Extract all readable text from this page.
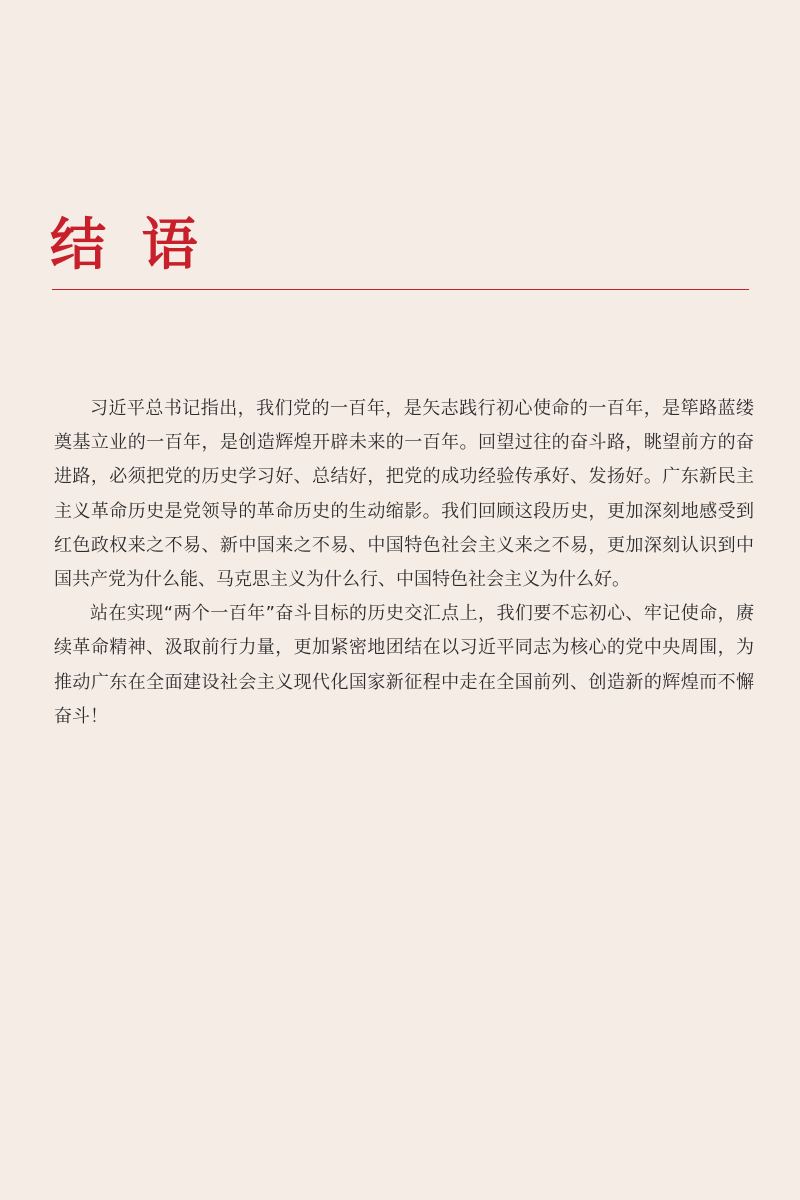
结 语

习近平总书记指出，我们党的一百年，是矢志践行初心使命的一百年，是筚路蓝缕奠基立业的一百年，是创造辉煌开辟未来的一百年。回望过往的奋斗路，眺望前方的奋进路，必须把党的历史学习好、总结好，把党的成功经验传承好、发扬好。广东新民主主义革命历史是党领导的革命历史的生动缩影。我们回顾这段历史，更加深刻地感受到红色政权来之不易、新中国来之不易、中国特色社会主义来之不易，更加深刻认识到中国共产党为什么能、马克思主义为什么行、中国特色社会主义为什么好。

站在实现“两个一百年”奋斗目标的历史交汇点上，我们要不忘初心、牢记使命，赓续革命精神、汲取前行力量，更加紧密地团结在以习近平同志为核心的党中央周围，为推动广东在全面建设社会主义现代化国家新征程中走在全国前列、创造新的辉煌而不懈奋斗！
